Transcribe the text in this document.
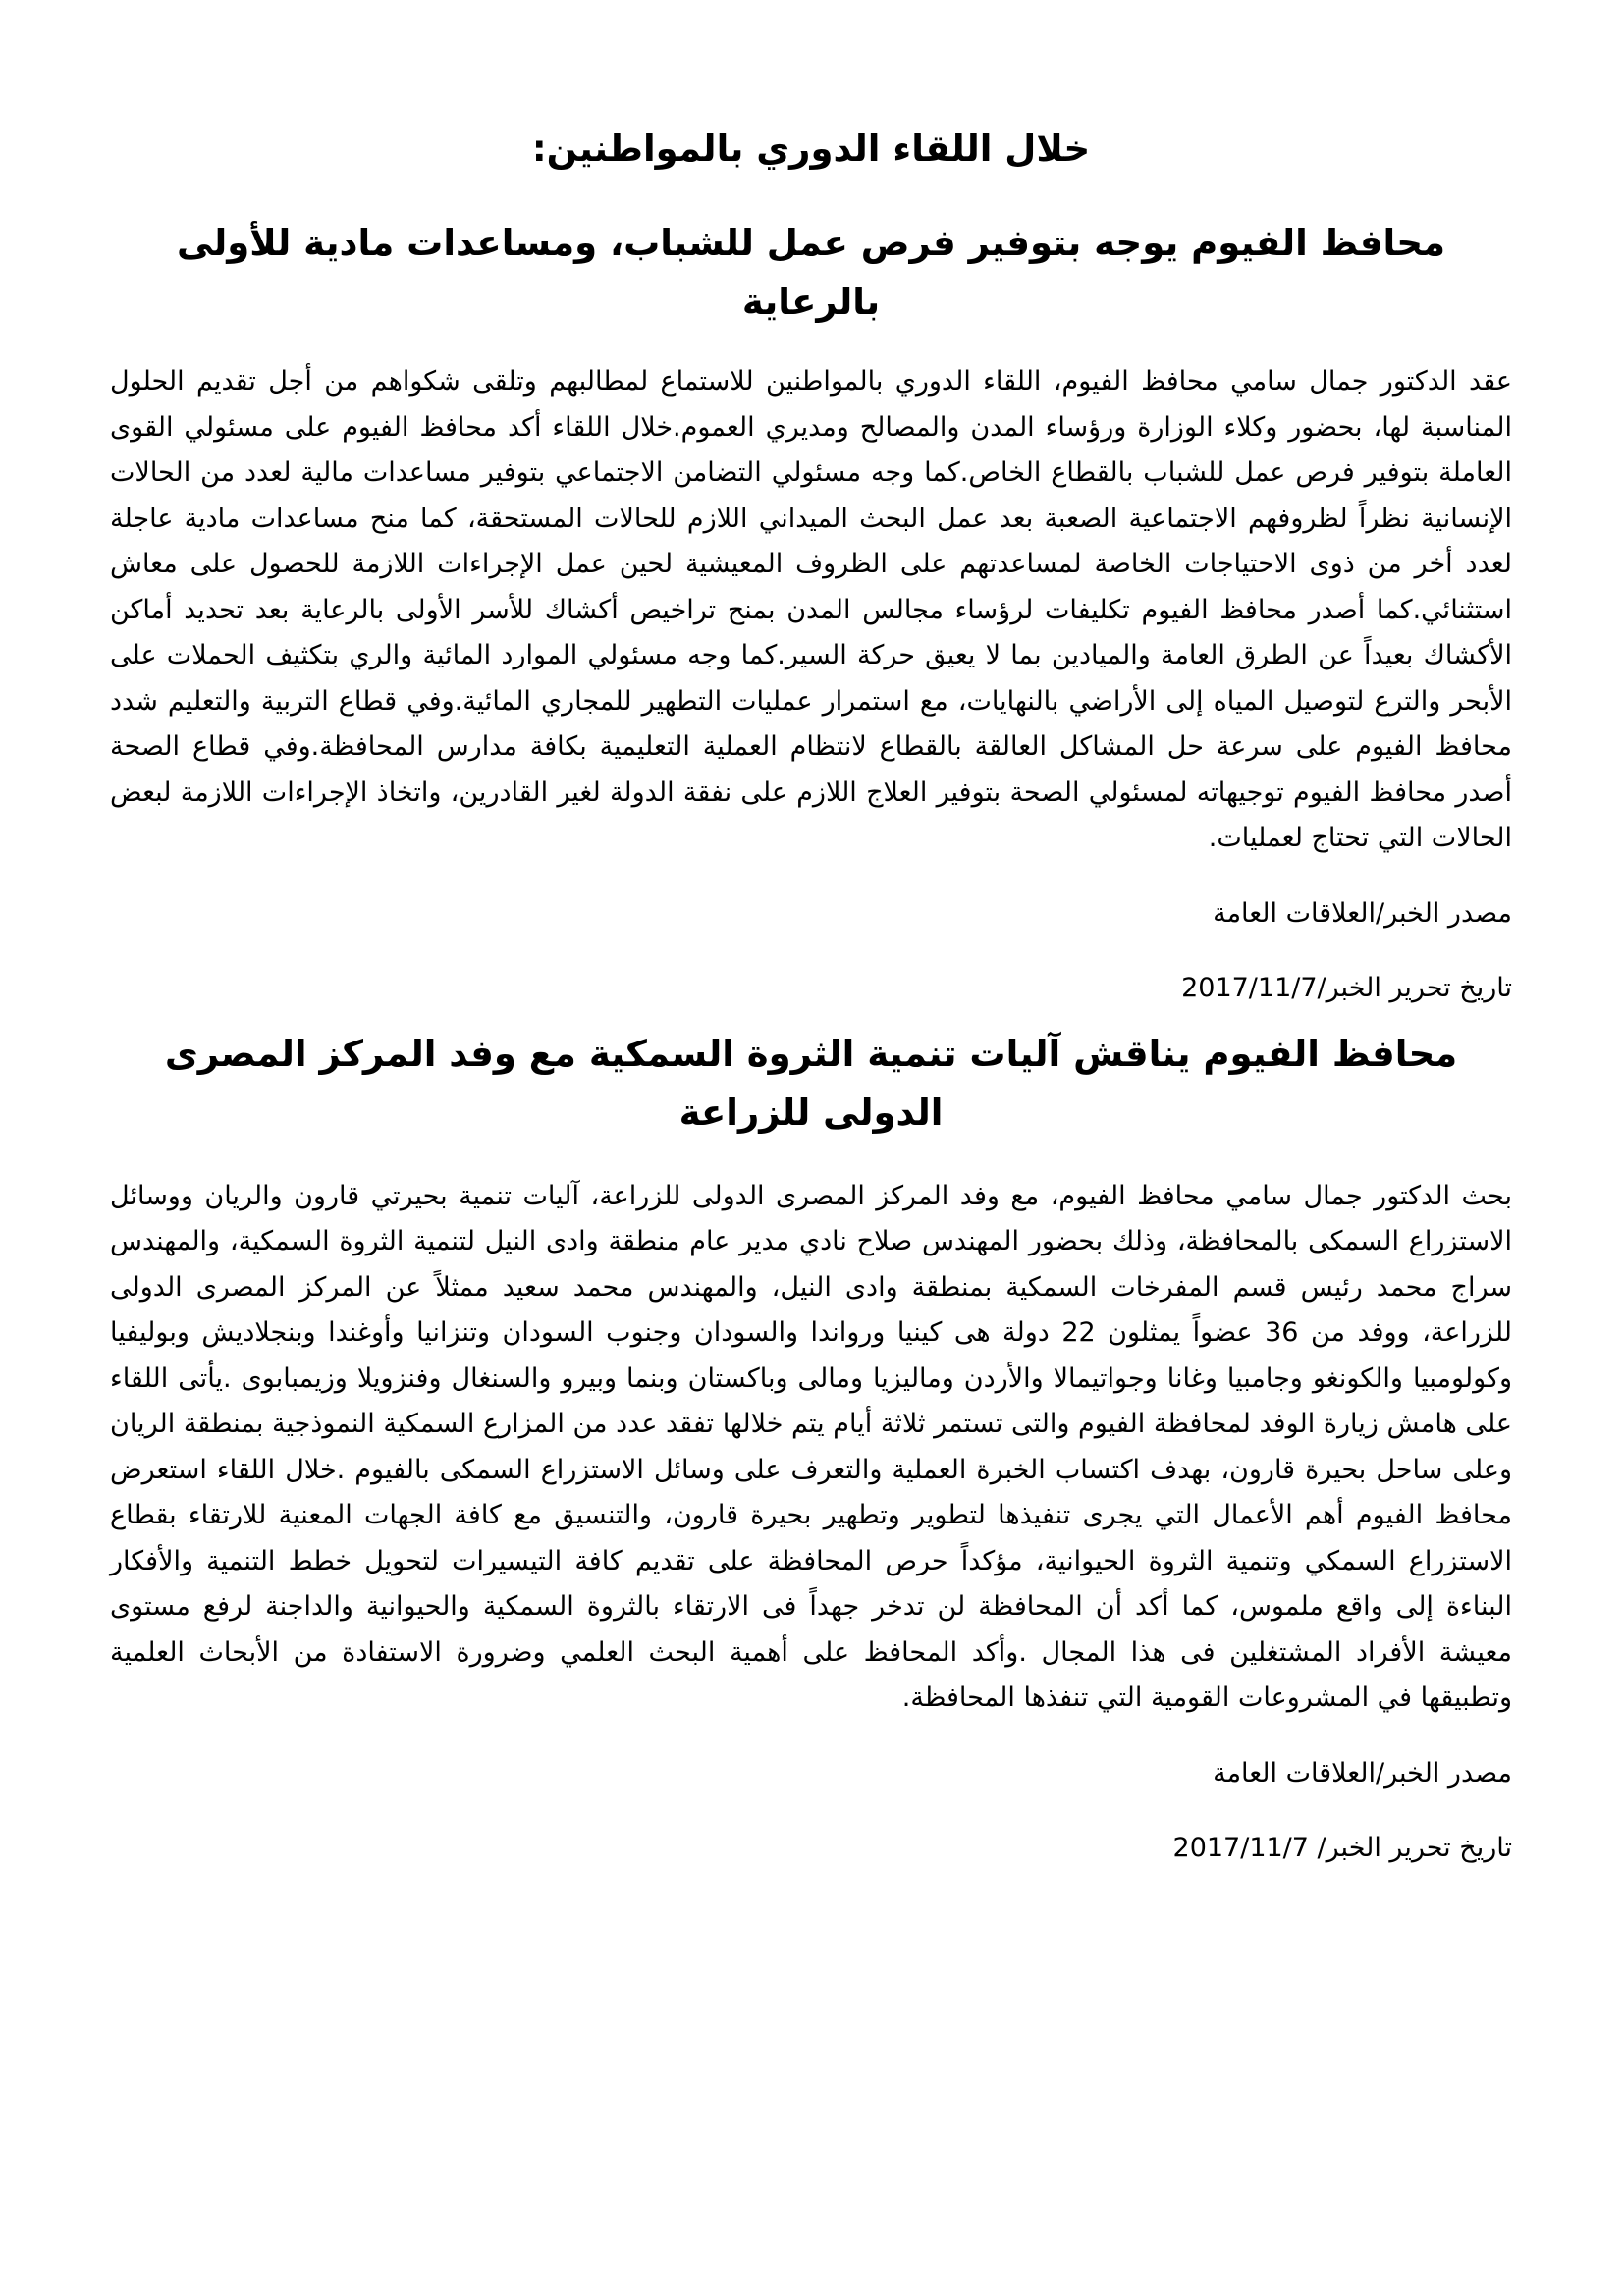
خلال اللقاء الدوري بالمواطنين:
محافظ الفيوم يوجه بتوفير فرص عمل للشباب، ومساعدات مادية للأولى بالرعاية

عقد الدكتور جمال سامي محافظ الفيوم، اللقاء الدوري بالمواطنين للاستماع لمطالبهم وتلقى شكواهم من أجل تقديم الحلول المناسبة لها، بحضور وكلاء الوزارة ورؤساء المدن والمصالح ومديري العموم.خلال اللقاء أكد محافظ الفيوم على مسئولي القوى العاملة بتوفير فرص عمل للشباب بالقطاع الخاص.كما وجه مسئولي التضامن الاجتماعي بتوفير مساعدات مالية لعدد من الحالات الإنسانية نظراً لظروفهم الاجتماعية الصعبة بعد عمل البحث الميداني اللازم للحالات المستحقة، كما منح مساعدات مادية عاجلة لعدد أخر من ذوى الاحتياجات الخاصة لمساعدتهم على الظروف المعيشية لحين عمل الإجراءات اللازمة للحصول على معاش استثنائي.كما أصدر محافظ الفيوم تكليفات لرؤساء مجالس المدن بمنح تراخيص أكشاك للأسر الأولى بالرعاية بعد تحديد أماكن الأكشاك بعيداً عن الطرق العامة والميادين بما لا يعيق حركة السير.كما وجه مسئولي الموارد المائية والري بتكثيف الحملات على الأبحر والترع لتوصيل المياه إلى الأراضي بالنهايات، مع استمرار عمليات التطهير للمجاري المائية.وفي قطاع التربية والتعليم شدد محافظ الفيوم على سرعة حل المشاكل العالقة بالقطاع لانتظام العملية التعليمية بكافة مدارس المحافظة.وفي قطاع الصحة أصدر محافظ الفيوم توجيهاته لمسئولي الصحة بتوفير العلاج اللازم على نفقة الدولة لغير القادرين، واتخاذ الإجراءات اللازمة لبعض الحالات التي تحتاج لعمليات.

مصدر الخبر/العلاقات العامة

تاريخ تحرير الخبر/2017/11/7

محافظ الفيوم يناقش آليات تنمية الثروة السمكية مع وفد المركز المصرى الدولى للزراعة

بحث الدكتور جمال سامي محافظ الفيوم، مع وفد المركز المصرى الدولى للزراعة، آليات تنمية بحيرتي قارون والريان ووسائل الاستزراع السمكى بالمحافظة، وذلك بحضور المهندس صلاح نادي مدير عام منطقة وادى النيل لتنمية الثروة السمكية، والمهندس سراج محمد رئيس قسم المفرخات السمكية بمنطقة وادى النيل، والمهندس محمد سعيد ممثلاً عن المركز المصرى الدولى للزراعة، ووفد من 36 عضواً يمثلون 22 دولة هى كينيا ورواندا والسودان وجنوب السودان وتنزانيا وأوغندا وبنجلاديش وبوليفيا وكولومبيا والكونغو وجامبيا وغانا وجواتيمالا والأردن وماليزيا ومالى وباكستان وبنما وبيرو والسنغال وفنزويلا وزيمبابوى .يأتى اللقاء على هامش زيارة الوفد لمحافظة الفيوم والتى تستمر ثلاثة أيام يتم خلالها تفقد عدد من المزارع السمكية النموذجية بمنطقة الريان وعلى ساحل بحيرة قارون، بهدف اكتساب الخبرة العملية والتعرف على وسائل الاستزراع السمكى بالفيوم .خلال اللقاء استعرض محافظ الفيوم أهم الأعمال التي يجرى تنفيذها لتطوير وتطهير بحيرة قارون، والتنسيق مع كافة الجهات المعنية للارتقاء بقطاع الاستزراع السمكي وتنمية الثروة الحيوانية، مؤكداً حرص المحافظة على تقديم كافة التيسيرات لتحويل خطط التنمية والأفكار البناءة إلى واقع ملموس، كما أكد أن المحافظة لن تدخر جهداً فى الارتقاء بالثروة السمكية والحيوانية والداجنة لرفع مستوى معيشة الأفراد المشتغلين فى هذا المجال .وأكد المحافظ على أهمية البحث العلمي وضرورة الاستفادة من الأبحاث العلمية وتطبيقها في المشروعات القومية التي تنفذها المحافظة.

مصدر الخبر/العلاقات العامة

تاريخ تحرير الخبر/ 2017/11/7
